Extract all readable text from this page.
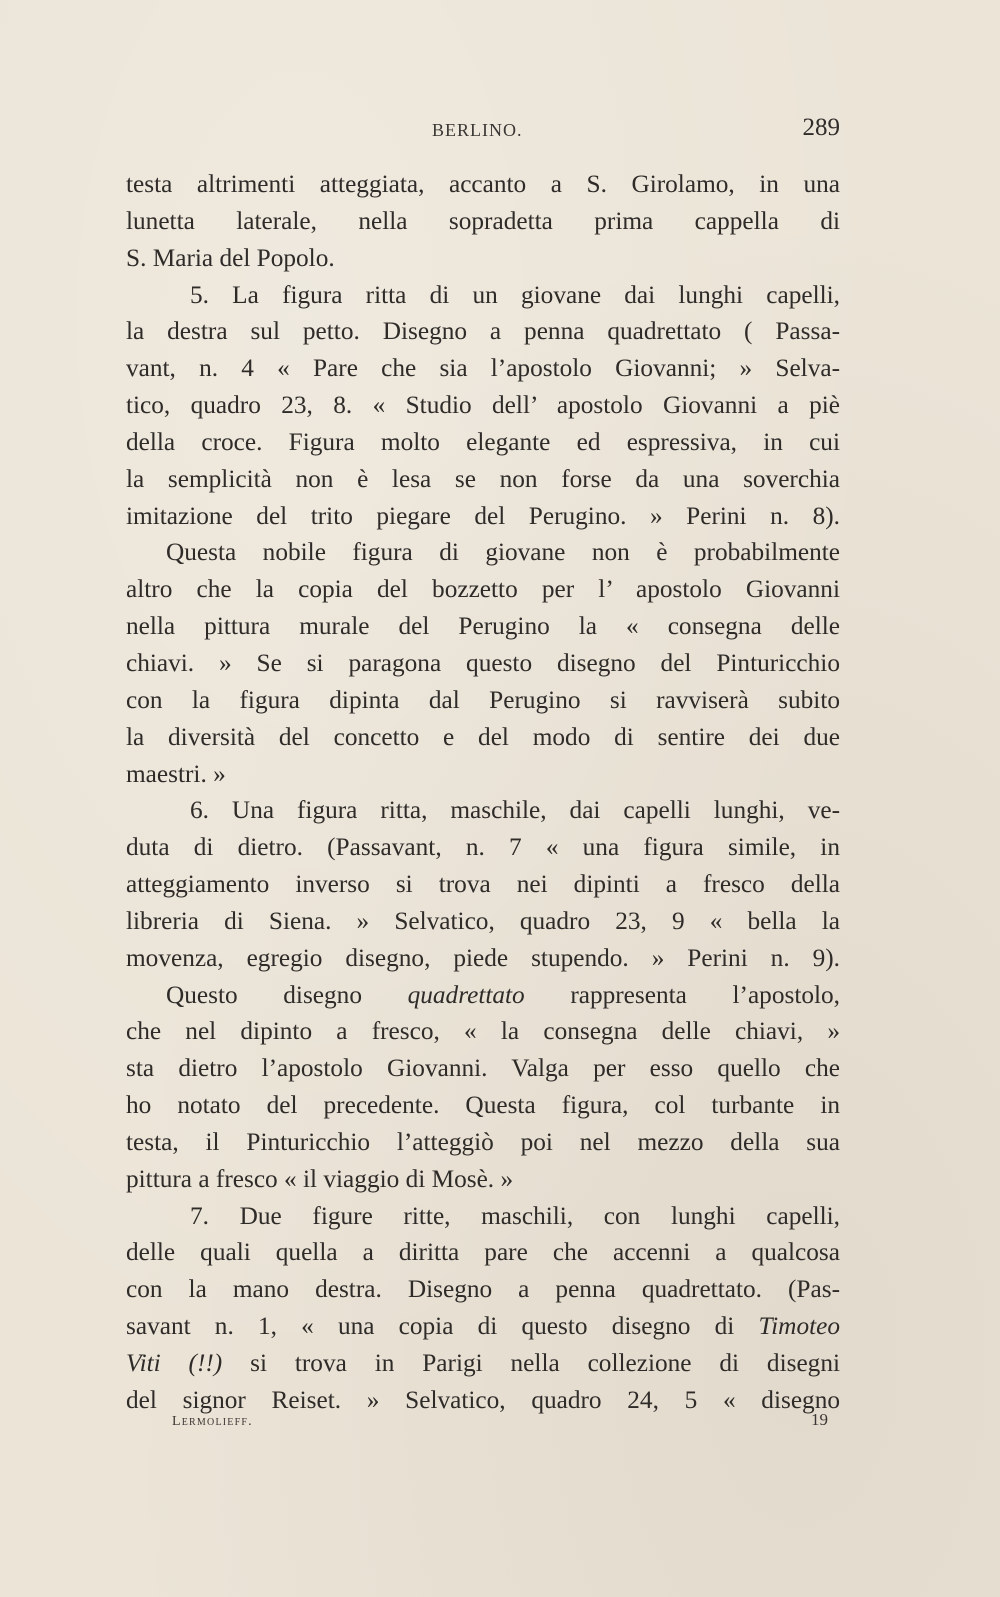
BERLINO.	289
testa altrimenti atteggiata, accanto a S. Girolamo, in una
lunetta laterale, nella sopradetta prima cappella di
S. Maria del Popolo.
5. La figura ritta di un giovane dai lunghi capelli,
la destra sul petto. Disegno a penna quadrettato ( Passa-
vant, n. 4 « Pare che sia l’apostolo Giovanni; » Selva-
tico, quadro 23, 8. « Studio dell’ apostolo Giovanni a piè
della croce. Figura molto elegante ed espressiva, in cui
la semplicità non è lesa se non forse da una soverchia
imitazione del trito piegare del Perugino. » Perini n. 8).
Questa nobile figura di giovane non è probabilmente
altro che la copia del bozzetto per l’ apostolo Giovanni
nella pittura murale del Perugino la « consegna delle
chiavi. » Se si paragona questo disegno del Pinturicchio
con la figura dipinta dal Perugino si ravviserà subito
la diversità del concetto e del modo di sentire dei due
maestri. »
6. Una figura ritta, maschile, dai capelli lunghi, ve-
duta di dietro. (Passavant, n. 7 « una figura simile, in
atteggiamento inverso si trova nei dipinti a fresco della
libreria di Siena. » Selvatico, quadro 23, 9 « bella la
movenza, egregio disegno, piede stupendo. » Perini n. 9).
Questo disegno quadrettato rappresenta l’apostolo,
che nel dipinto a fresco, « la consegna delle chiavi, »
sta dietro l’apostolo Giovanni. Valga per esso quello che
ho notato del precedente. Questa figura, col turbante in
testa, il Pinturicchio l’atteggiò poi nel mezzo della sua
pittura a fresco « il viaggio di Mosè. »
7. Due figure ritte, maschili, con lunghi capelli,
delle quali quella a diritta pare che accenni a qualcosa
con la mano destra. Disegno a penna quadrettato. (Pas-
savant n. 1, « una copia di questo disegno di Timoteo
Viti (!!) si trova in Parigi nella collezione di disegni
del signor Reiset. » Selvatico, quadro 24, 5 « disegno
Lermolieff.	19
